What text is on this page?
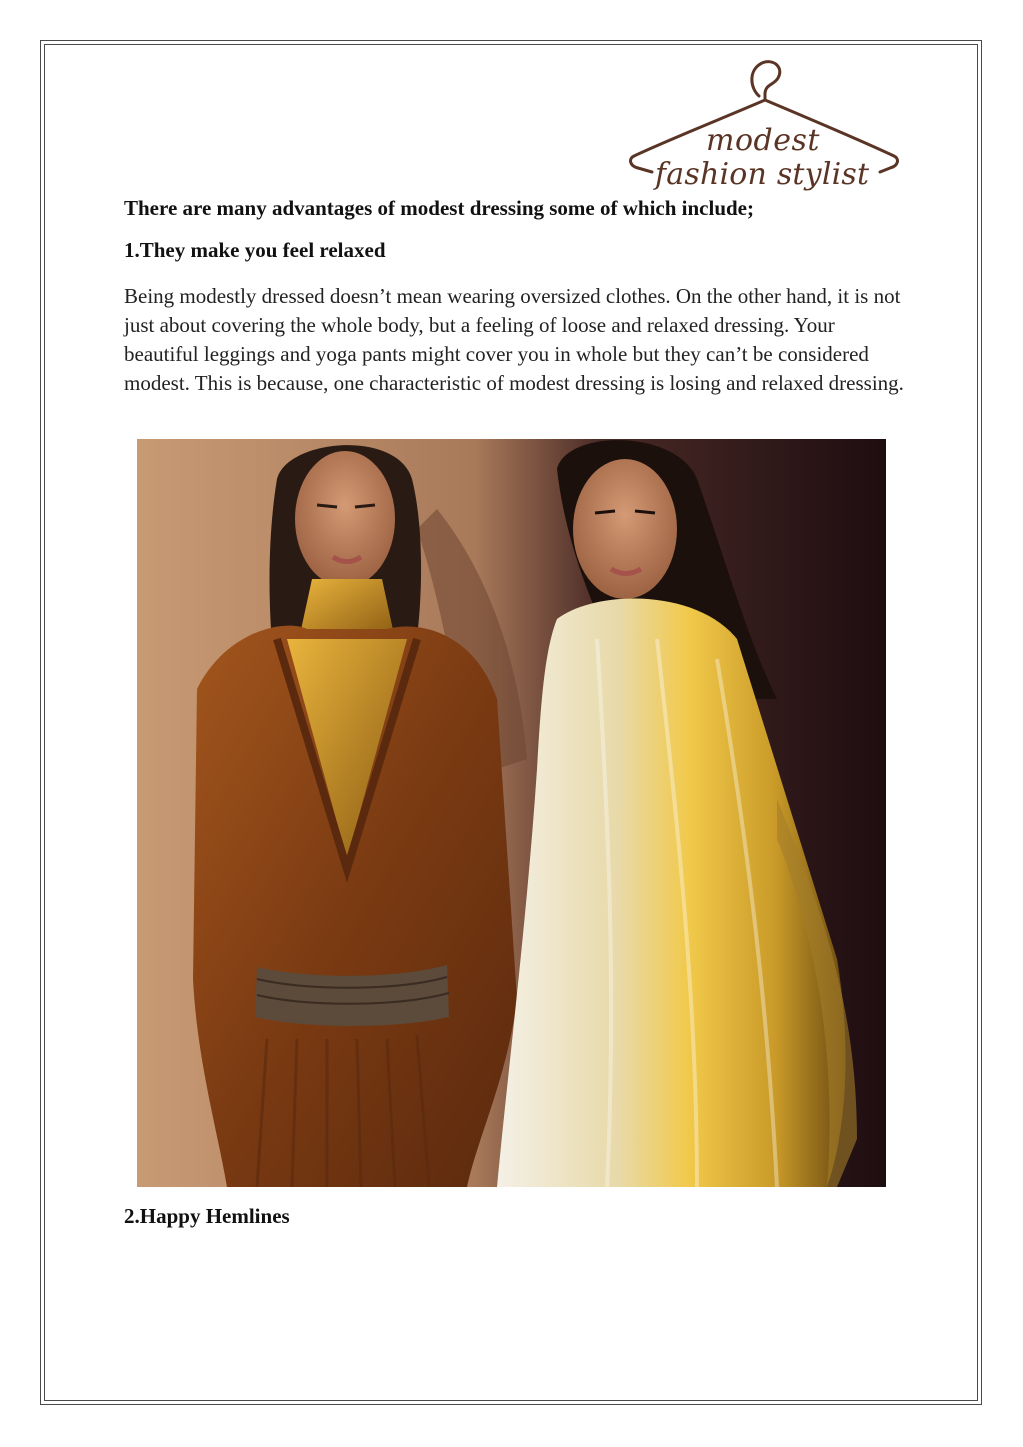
modest

fashion stylist

There are many advantages of modest dressing some of which include;

1.They make you feel relaxed

Being modestly dressed doesn’t mean wearing oversized clothes. On the other hand, it is not just about covering the whole body, but a feeling of loose and relaxed dressing. Your beautiful leggings and yoga pants might cover you in whole but they can’t be considered modest. This is because, one characteristic of modest dressing is losing and relaxed dressing.

2.Happy Hemlines
